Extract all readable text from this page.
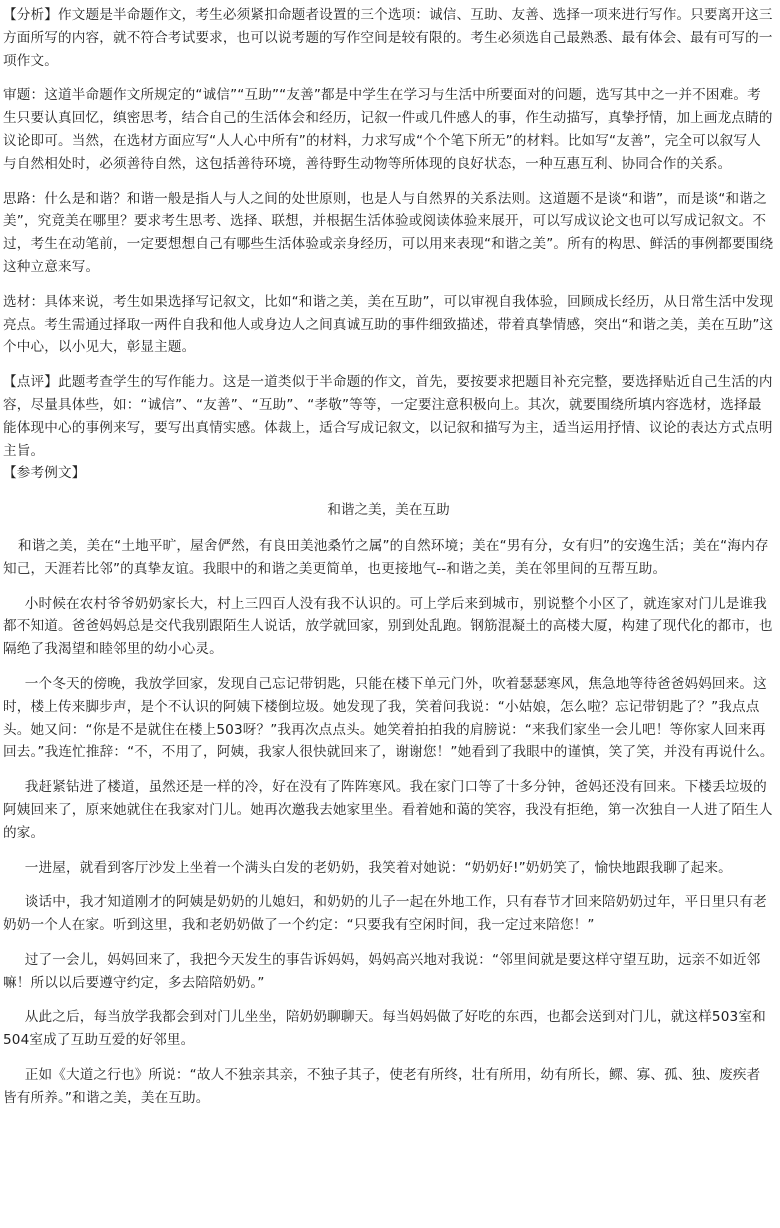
【分析】作文题是半命题作文，考生必须紧扣命题者设置的三个选项：诚信、互助、友善、选择一项来进行写作。只要离开这三方面所写的内容，就不符合考试要求，也可以说考题的写作空间是较有限的。考生必须选自己最熟悉、最有体会、最有可写的一项作文。

审题：这道半命题作文所规定的“诚信”“互助”“友善”都是中学生在学习与生活中所要面对的问题，选写其中之一并不困难。考生只要认真回忆，缜密思考，结合自己的生活体会和经历，记叙一件或几件感人的事，作生动描写，真挚抒情，加上画龙点睛的议论即可。当然，在选材方面应写“人人心中所有”的材料，力求写成“个个笔下所无”的材料。比如写“友善”，完全可以叙写人与自然相处时，必须善待自然，这包括善待环境，善待野生动物等所体现的良好状态，一种互惠互利、协同合作的关系。

思路：什么是和谐？和谐一般是指人与人之间的处世原则，也是人与自然界的关系法则。这道题不是谈“和谐”，而是谈“和谐之美”，究竟美在哪里？要求考生思考、选择、联想，并根据生活体验或阅读体验来展开，可以写成议论文也可以写成记叙文。不过，考生在动笔前，一定要想想自己有哪些生活体验或亲身经历，可以用来表现“和谐之美”。所有的构思、鲜活的事例都要围绕这种立意来写。

选材：具体来说，考生如果选择写记叙文，比如“和谐之美，美在互助”，可以审视自我体验，回顾成长经历，从日常生活中发现亮点。考生需通过择取一两件自我和他人或身边人之间真诚互助的事件细致描述，带着真挚情感，突出“和谐之美，美在互助”这个中心，以小见大，彰显主题。

【点评】此题考查学生的写作能力。这是一道类似于半命题的作文，首先，要按要求把题目补充完整，要选择贴近自己生活的内容，尽量具体些，如：“诚信”、“友善”、“互助”、“孝敬”等等，一定要注意积极向上。其次，就要围绕所填内容选材，选择最能体现中心的事例来写，要写出真情实感。体裁上，适合写成记叙文，以记叙和描写为主，适当运用抒情、议论的表达方式点明主旨。

【参考例文】

和谐之美，美在互助

和谐之美，美在“土地平旷，屋舍俨然，有良田美池桑竹之属”的自然环境；美在“男有分，女有归”的安逸生活；美在“海内存知己，天涯若比邻”的真挚友谊。我眼中的和谐之美更简单，也更接地气--和谐之美，美在邻里间的互帮互助。

小时候在农村爷爷奶奶家长大，村上三四百人没有我不认识的。可上学后来到城市，别说整个小区了，就连家对门儿是谁我都不知道。爸爸妈妈总是交代我别跟陌生人说话，放学就回家，别到处乱跑。钢筋混凝土的高楼大厦，构建了现代化的都市，也隔绝了我渴望和睦邻里的幼小心灵。

一个冬天的傍晚，我放学回家，发现自己忘记带钥匙，只能在楼下单元门外，吹着瑟瑟寒风，焦急地等待爸爸妈妈回来。这时，楼上传来脚步声，是个不认识的阿姨下楼倒垃圾。她发现了我，笑着问我说：“小姑娘，怎么啦？忘记带钥匙了？”我点点头。她又问：“你是不是就住在楼上503呀？”我再次点点头。她笑着拍拍我的肩膀说：“来我们家坐一会儿吧！等你家人回来再回去。”我连忙推辞：“不，不用了，阿姨，我家人很快就回来了，谢谢您！”她看到了我眼中的谨慎，笑了笑，并没有再说什么。

我赶紧钻进了楼道，虽然还是一样的冷，好在没有了阵阵寒风。我在家门口等了十多分钟，爸妈还没有回来。下楼丢垃圾的阿姨回来了，原来她就住在我家对门儿。她再次邀我去她家里坐。看着她和蔼的笑容，我没有拒绝，第一次独自一人进了陌生人的家。

一进屋，就看到客厅沙发上坐着一个满头白发的老奶奶，我笑着对她说：“奶奶好!”奶奶笑了，愉快地跟我聊了起来。

谈话中，我才知道刚才的阿姨是奶奶的儿媳妇，和奶奶的儿子一起在外地工作，只有春节才回来陪奶奶过年，平日里只有老奶奶一个人在家。听到这里，我和老奶奶做了一个约定：“只要我有空闲时间，我一定过来陪您！”

过了一会儿，妈妈回来了，我把今天发生的事告诉妈妈，妈妈高兴地对我说：“邻里间就是要这样守望互助，远亲不如近邻嘛！所以以后要遵守约定，多去陪陪奶奶。”

从此之后，每当放学我都会到对门儿坐坐，陪奶奶聊聊天。每当妈妈做了好吃的东西，也都会送到对门儿，就这样503室和504室成了互助互爱的好邻里。

正如《大道之行也》所说：“故人不独亲其亲，不独子其子，使老有所终，壮有所用，幼有所长，鳏、寡、孤、独、废疾者皆有所养。”和谐之美，美在互助。
